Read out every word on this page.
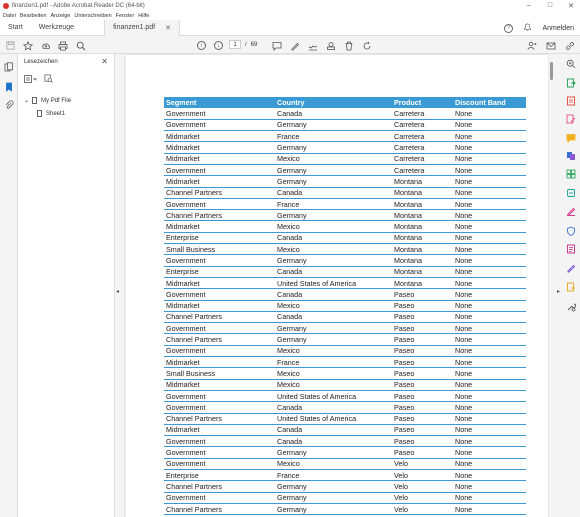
finanzen1.pdf - Adobe Acrobat Reader DC (64-bit)	–	□	✕
Datei Bearbeiten Anzeige Unterschreiben Fenster Hilfe
Start Werkzeuge	finanzen1.pdf ✕	?	Anmelden
↑	↓	1	/ 69
Lesezeichen	✕
⌄ My Pdf File
Sheet1
◂
Segment	Country	Product	Discount Band
Government	Canada	Carretera	None
Government	Germany	Carretera	None
Midmarket	France	Carretera	None
Midmarket	Germany	Carretera	None
Midmarket	Mexico	Carretera	None
Government	Germany	Carretera	None
Midmarket	Germany	Montana	None
Channel Partners	Canada	Montana	None
Government	France	Montana	None
Channel Partners	Germany	Montana	None
Midmarket	Mexico	Montana	None
Enterprise	Canada	Montana	None
Small Business	Mexico	Montana	None
Government	Germany	Montana	None
Enterprise	Canada	Montana	None
Midmarket	United States of America	Montana	None
Government	Canada	Paseo	None
Midmarket	Mexico	Paseo	None
Channel Partners	Canada	Paseo	None
Government	Germany	Paseo	None
Channel Partners	Germany	Paseo	None
Government	Mexico	Paseo	None
Midmarket	France	Paseo	None
Small Business	Mexico	Paseo	None
Midmarket	Mexico	Paseo	None
Government	United States of America	Paseo	None
Government	Canada	Paseo	None
Channel Partners	United States of America	Paseo	None
Midmarket	Canada	Paseo	None
Government	Canada	Paseo	None
Government	Germany	Paseo	None
Government	Mexico	Velo	None
Enterprise	France	Velo	None
Channel Partners	Germany	Velo	None
Government	Germany	Velo	None
Channel Partners	Germany	Velo	None
▸
